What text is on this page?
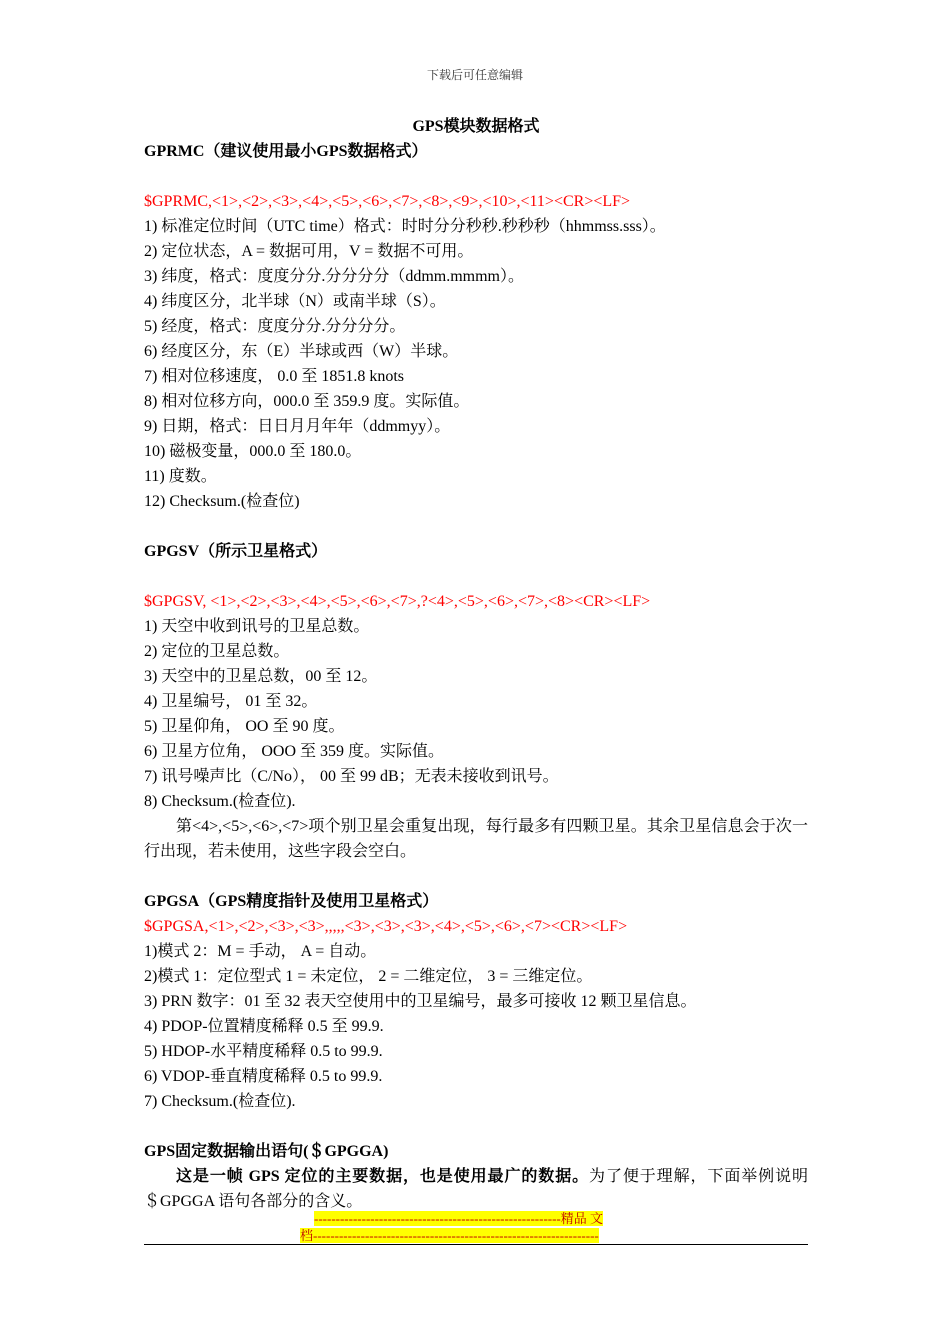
下载后可任意编辑
GPS模块数据格式
GPRMC（建议使用最小GPS数据格式）
$GPRMC,<1>,<2>,<3>,<4>,<5>,<6>,<7>,<8>,<9>,<10>,<11><CR><LF>
1) 标准定位时间（UTC time）格式：时时分分秒秒.秒秒秒（hhmmss.sss）。
2) 定位状态，A = 数据可用，V = 数据不可用。
3) 纬度，格式：度度分分.分分分分（ddmm.mmmm）。
4) 纬度区分，北半球（N）或南半球（S）。
5) 经度，格式：度度分分.分分分分。
6) 经度区分，东（E）半球或西（W）半球。
7) 相对位移速度， 0.0 至 1851.8 knots
8) 相对位移方向，000.0 至 359.9 度。实际值。
9) 日期，格式：日日月月年年（ddmmyy）。
10) 磁极变量，000.0 至 180.0。
11) 度数。
12) Checksum.(检查位)
GPGSV（所示卫星格式）
$GPGSV, <1>,<2>,<3>,<4>,<5>,<6>,<7>,?<4>,<5>,<6>,<7>,<8><CR><LF>
1) 天空中收到讯号的卫星总数。
2) 定位的卫星总数。
3) 天空中的卫星总数，00 至 12。
4) 卫星编号， 01 至 32。
5) 卫星仰角， OO 至 90 度。
6) 卫星方位角， OOO 至 359 度。实际值。
7) 讯号噪声比（C/No）， 00 至 99 dB；无表未接收到讯号。
8) Checksum.(检查位).
第<4>,<5>,<6>,<7>项个别卫星会重复出现，每行最多有四颗卫星。其余卫星信息会于次一行出现，若未使用，这些字段会空白。
GPGSA（GPS精度指针及使用卫星格式）
$GPGSA,<1>,<2>,<3>,<3>,,,,,<3>,<3>,<3>,<4>,<5>,<6>,<7><CR><LF>
1)模式 2：M = 手动， A = 自动。
2)模式 1：定位型式 1 = 未定位， 2 = 二维定位， 3 = 三维定位。
3) PRN 数字：01 至 32 表天空使用中的卫星编号，最多可接收 12 颗卫星信息。
4) PDOP-位置精度稀释 0.5 至 99.9.
5) HDOP-水平精度稀释 0.5 to 99.9.
6) VDOP-垂直精度稀释 0.5 to 99.9.
7) Checksum.(检查位).
GPS固定数据输出语句(＄GPGGA)
这是一帧 GPS 定位的主要数据，也是使用最广的数据。为了便于理解，下面举例说明＄GPGGA 语句各部分的含义。
---------------------------------------------------------精品 文
档------------------------------------------------------------------
